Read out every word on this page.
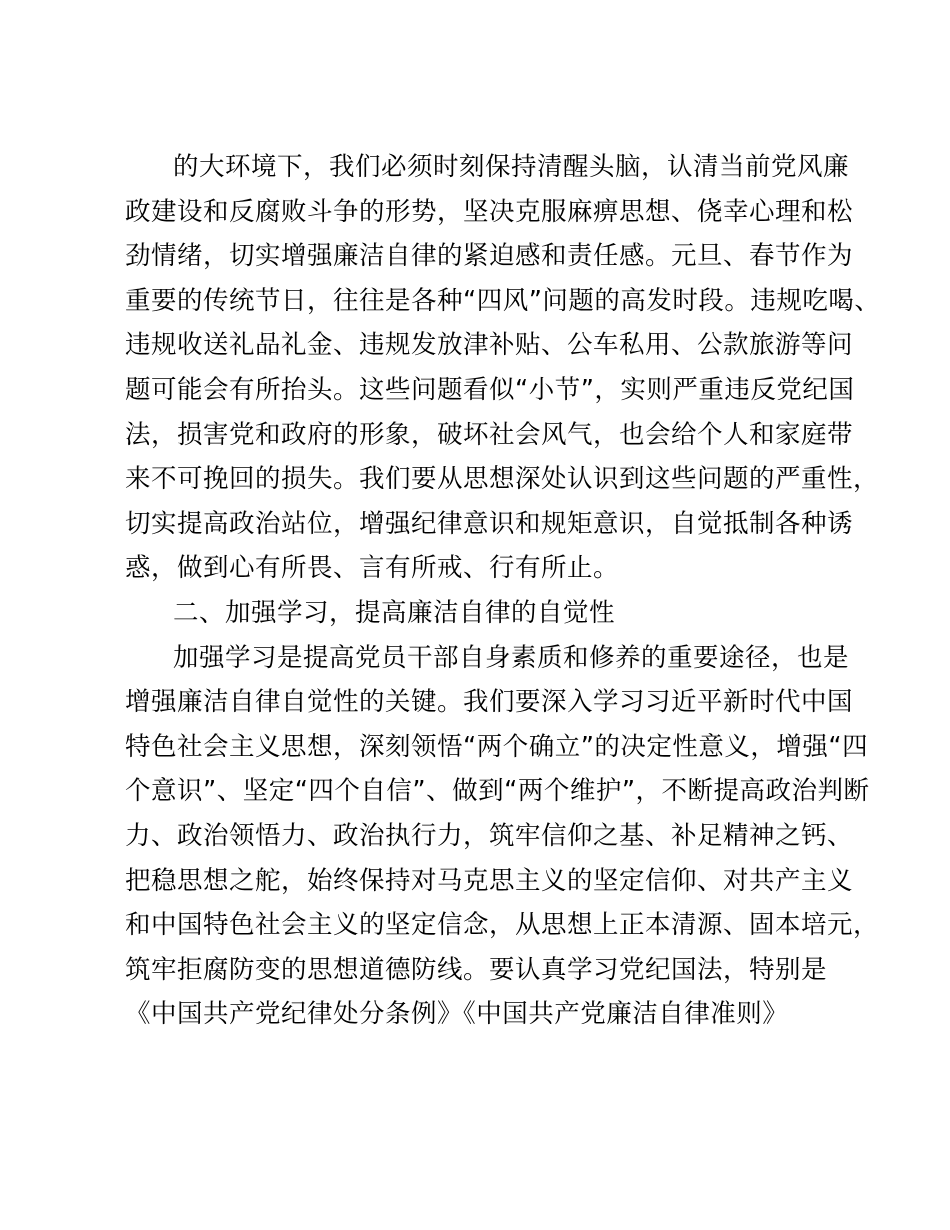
的大环境下，我们必须时刻保持清醒头脑，认清当前党风廉

政建设和反腐败斗争的形势，坚决克服麻痹思想、侥幸心理和松

劲情绪，切实增强廉洁自律的紧迫感和责任感。元旦、春节作为

重要的传统节日，往往是各种“四风”问题的高发时段。违规吃喝、

违规收送礼品礼金、违规发放津补贴、公车私用、公款旅游等问

题可能会有所抬头。这些问题看似“小节”，实则严重违反党纪国

法，损害党和政府的形象，破坏社会风气，也会给个人和家庭带

来不可挽回的损失。我们要从思想深处认识到这些问题的严重性，

切实提高政治站位，增强纪律意识和规矩意识，自觉抵制各种诱

惑，做到心有所畏、言有所戒、行有所止。

二、加强学习，提高廉洁自律的自觉性

加强学习是提高党员干部自身素质和修养的重要途径，也是

增强廉洁自律自觉性的关键。我们要深入学习习近平新时代中国

特色社会主义思想，深刻领悟“两个确立”的决定性意义，增强“四

个意识”、坚定“四个自信”、做到“两个维护”，不断提高政治判断

力、政治领悟力、政治执行力，筑牢信仰之基、补足精神之钙、

把稳思想之舵，始终保持对马克思主义的坚定信仰、对共产主义

和中国特色社会主义的坚定信念，从思想上正本清源、固本培元，

筑牢拒腐防变的思想道德防线。要认真学习党纪国法，特别是

《中国共产党纪律处分条例》《中国共产党廉洁自律准则》
